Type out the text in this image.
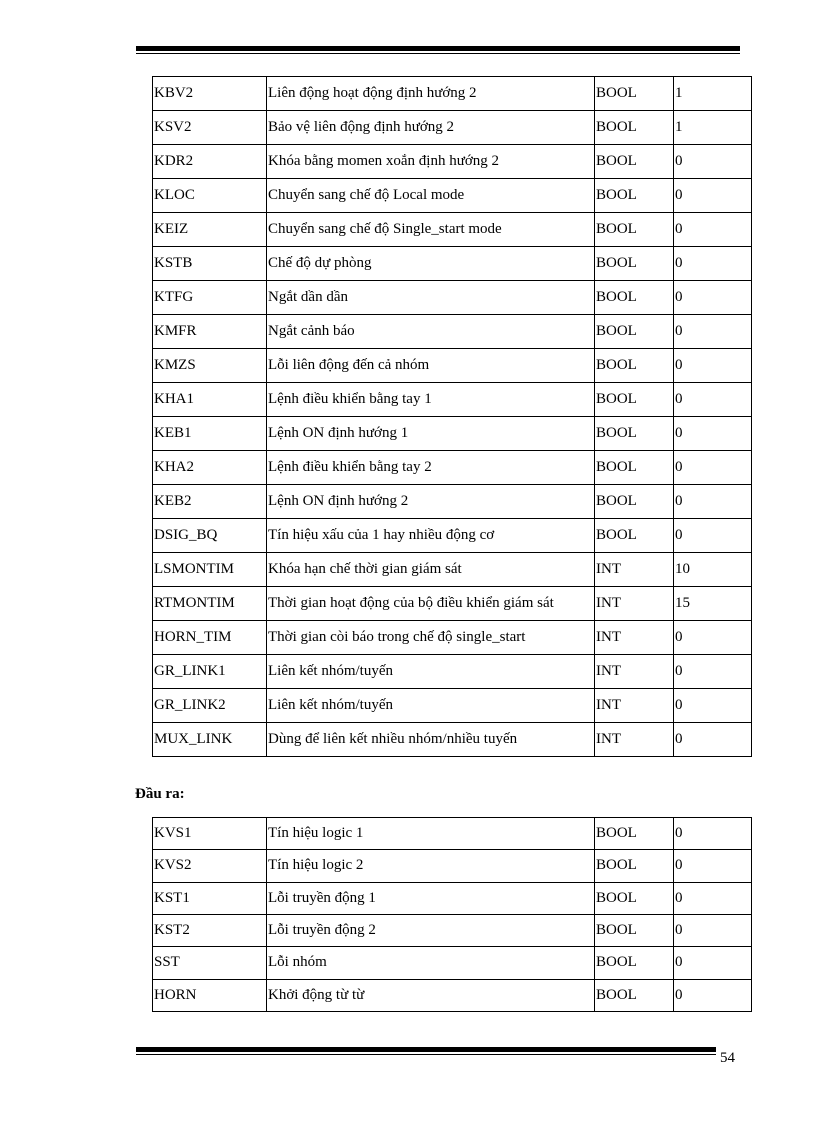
KBV2	Liên động hoạt động định hướng 2	BOOL	1
KSV2	Bảo vệ liên động định hướng 2	BOOL	1
KDR2	Khóa bằng momen xoắn định hướng 2	BOOL	0
KLOC	Chuyển sang chế độ Local mode	BOOL	0
KEIZ	Chuyển sang chế độ Single_start mode	BOOL	0
KSTB	Chế độ dự phòng	BOOL	0
KTFG	Ngắt dần dần	BOOL	0
KMFR	Ngắt cảnh báo	BOOL	0
KMZS	Lỗi liên động đến cả nhóm	BOOL	0
KHA1	Lệnh điều khiển bằng tay 1	BOOL	0
KEB1	Lệnh ON định hướng 1	BOOL	0
KHA2	Lệnh điều khiển bằng tay 2	BOOL	0
KEB2	Lệnh ON định hướng 2	BOOL	0
DSIG_BQ	Tín hiệu xấu của 1 hay nhiều động cơ	BOOL	0
LSMONTIM	Khóa hạn chế thời gian giám sát	INT	10
RTMONTIM	Thời gian hoạt động của bộ điều khiển giám sát	INT	15
HORN_TIM	Thời gian còi báo trong chế độ single_start	INT	0
GR_LINK1	Liên kết nhóm/tuyến	INT	0
GR_LINK2	Liên kết nhóm/tuyến	INT	0
MUX_LINK	Dùng để liên kết nhiều nhóm/nhiều tuyến	INT	0
Đầu ra:
KVS1	Tín hiệu logic 1	BOOL	0
KVS2	Tín hiệu logic 2	BOOL	0
KST1	Lỗi truyền động 1	BOOL	0
KST2	Lỗi truyền động 2	BOOL	0
SST	Lỗi nhóm	BOOL	0
HORN	Khởi động từ từ	BOOL	0
54
